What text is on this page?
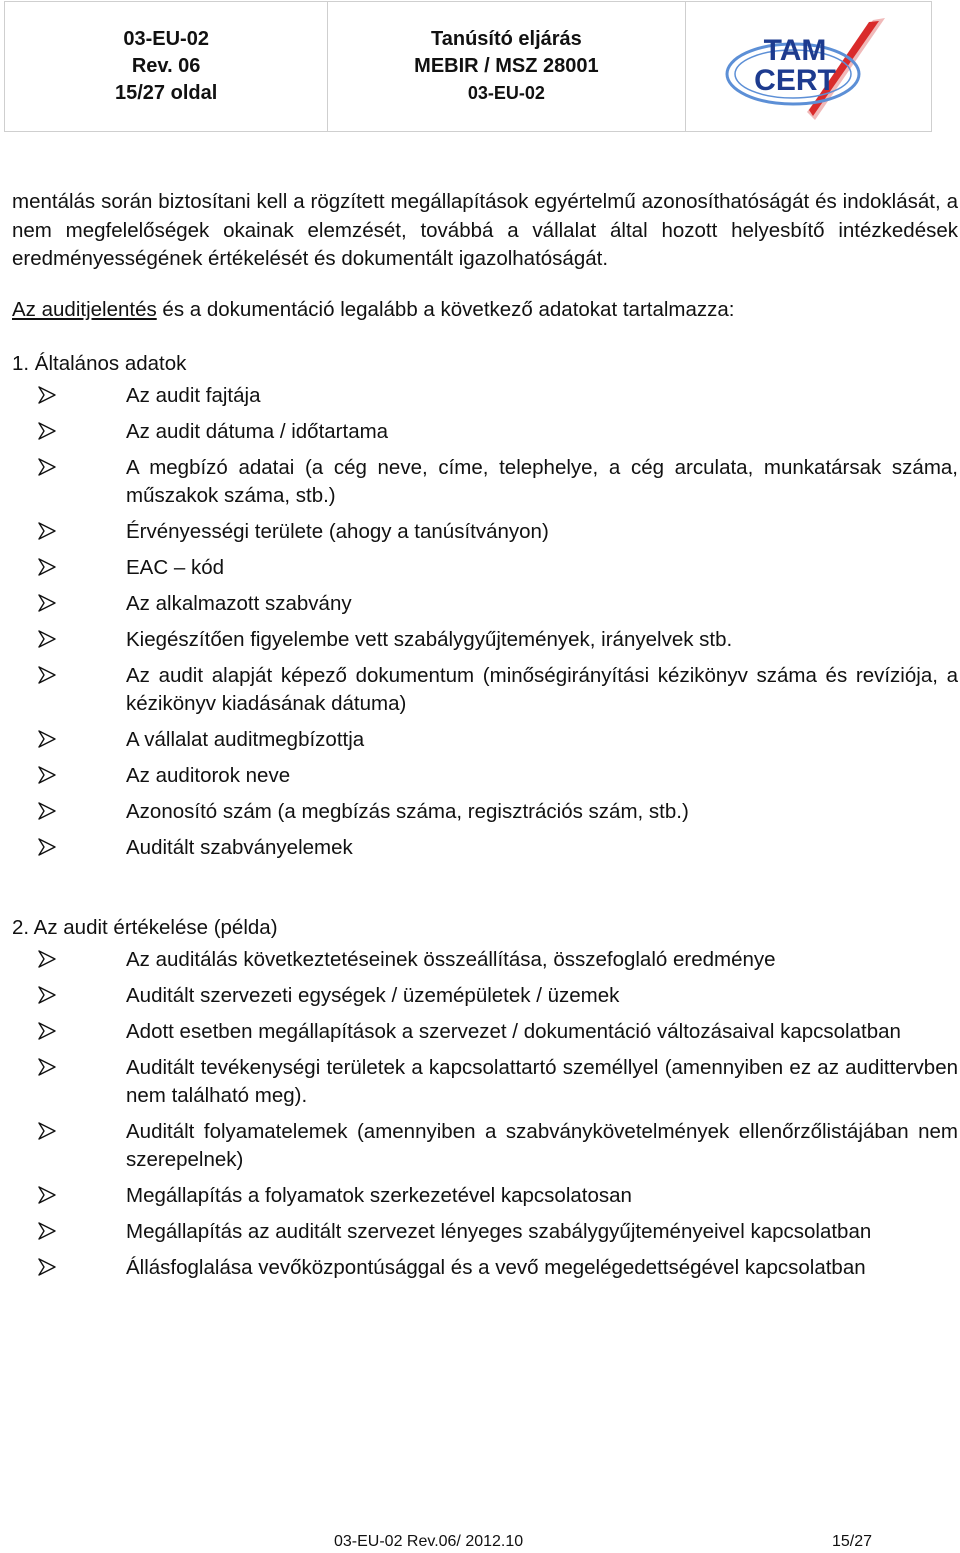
03-EU-02
Rev. 06
15/27 oldal
Tanúsító eljárás
MEBIR / MSZ 28001
03-EU-02
TAM
CERT

mentálás során biztosítani kell a rögzített megállapítások egyértelmű azonosíthatóságát és indoklását, a nem megfelelőségek okainak elemzését, továbbá a vállalat által hozott helyesbítő intézkedések eredményességének értékelését és dokumentált igazolhatóságát.

Az auditjelentés és a dokumentáció legalább a következő adatokat tartalmazza:

1. Általános adatok
Az audit fajtája
Az audit dátuma / időtartama
A megbízó adatai (a cég neve, címe, telephelye, a cég arculata, munkatársak száma, műszakok száma, stb.)
Érvényességi területe (ahogy a tanúsítványon)
EAC – kód
Az alkalmazott szabvány
Kiegészítően figyelembe vett szabálygyűjtemények, irányelvek stb.
Az audit alapját képező dokumentum (minőségirányítási kézikönyv száma és revíziója, a kézikönyv kiadásának dátuma)
A vállalat auditmegbízottja
Az auditorok neve
Azonosító szám (a megbízás száma, regisztrációs szám, stb.)
Auditált szabványelemek
2. Az audit értékelése (példa)
Az auditálás következtetéseinek összeállítása, összefoglaló eredménye
Auditált szervezeti egységek / üzemépületek / üzemek
Adott esetben megállapítások a szervezet / dokumentáció változásaival kapcsolatban
Auditált tevékenységi területek a kapcsolattartó személlyel (amennyiben ez az audittervben nem található meg).
Auditált folyamatelemek (amennyiben a szabványkövetelmények ellenőrzőlistájában nem szerepelnek)
Megállapítás a folyamatok szerkezetével kapcsolatosan
Megállapítás az auditált szervezet lényeges szabálygyűjteményeivel kapcsolatban
Állásfoglalása vevőközpontúsággal és a vevő megelégedettségével kapcsolatban
03-EU-02 Rev.06/ 2012.10	15/27
